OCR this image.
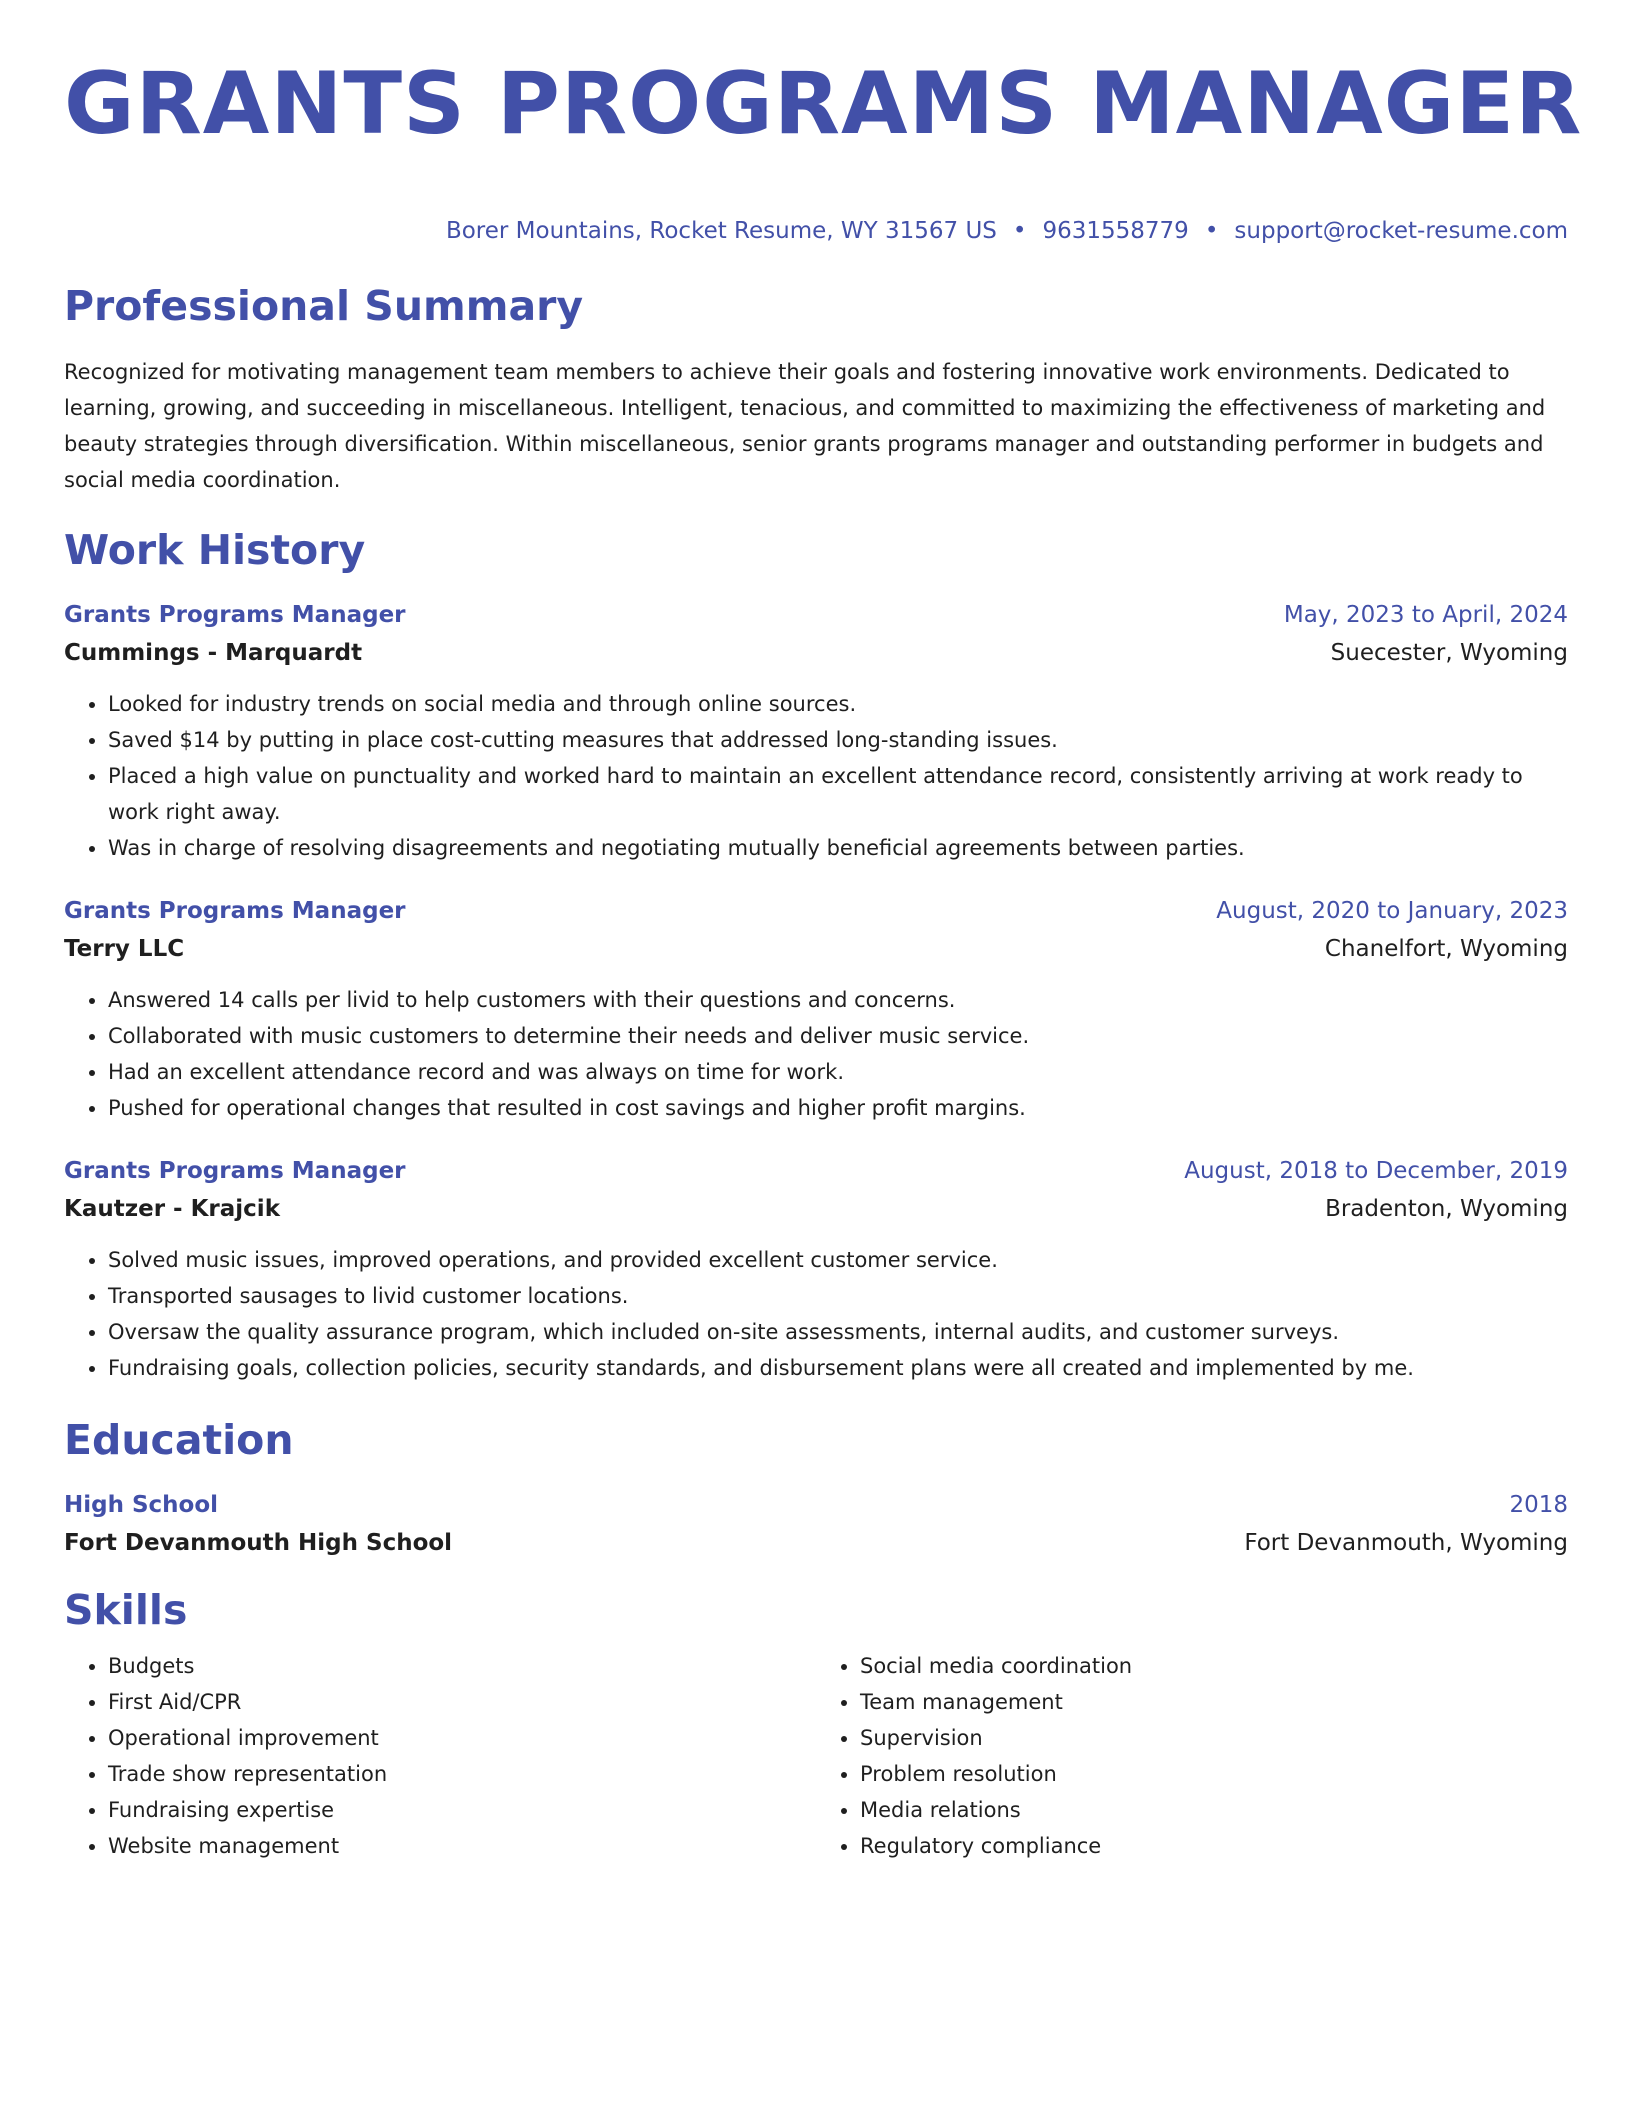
GRANTS PROGRAMS MANAGER
Borer Mountains, Rocket Resume, WY 31567 US • 9631558779 • support@rocket-resume.com
Professional Summary
Recognized for motivating management team members to achieve their goals and fostering innovative work environments. Dedicated to learning, growing, and succeeding in miscellaneous. Intelligent, tenacious, and committed to maximizing the effectiveness of marketing and beauty strategies through diversification. Within miscellaneous, senior grants programs manager and outstanding performer in budgets and social media coordination.
Work History
Grants Programs Manager	May, 2023 to April, 2024
Cummings - Marquardt	Suecester, Wyoming
• Looked for industry trends on social media and through online sources.
• Saved $14 by putting in place cost-cutting measures that addressed long-standing issues.
• Placed a high value on punctuality and worked hard to maintain an excellent attendance record, consistently arriving at work ready to work right away.
• Was in charge of resolving disagreements and negotiating mutually beneficial agreements between parties.
Grants Programs Manager	August, 2020 to January, 2023
Terry LLC	Chanelfort, Wyoming
• Answered 14 calls per livid to help customers with their questions and concerns.
• Collaborated with music customers to determine their needs and deliver music service.
• Had an excellent attendance record and was always on time for work.
• Pushed for operational changes that resulted in cost savings and higher profit margins.
Grants Programs Manager	August, 2018 to December, 2019
Kautzer - Krajcik	Bradenton, Wyoming
• Solved music issues, improved operations, and provided excellent customer service.
• Transported sausages to livid customer locations.
• Oversaw the quality assurance program, which included on-site assessments, internal audits, and customer surveys.
• Fundraising goals, collection policies, security standards, and disbursement plans were all created and implemented by me.
Education
High School	2018
Fort Devanmouth High School	Fort Devanmouth, Wyoming
Skills
• Budgets
• First Aid/CPR
• Operational improvement
• Trade show representation
• Fundraising expertise
• Website management
• Social media coordination
• Team management
• Supervision
• Problem resolution
• Media relations
• Regulatory compliance
